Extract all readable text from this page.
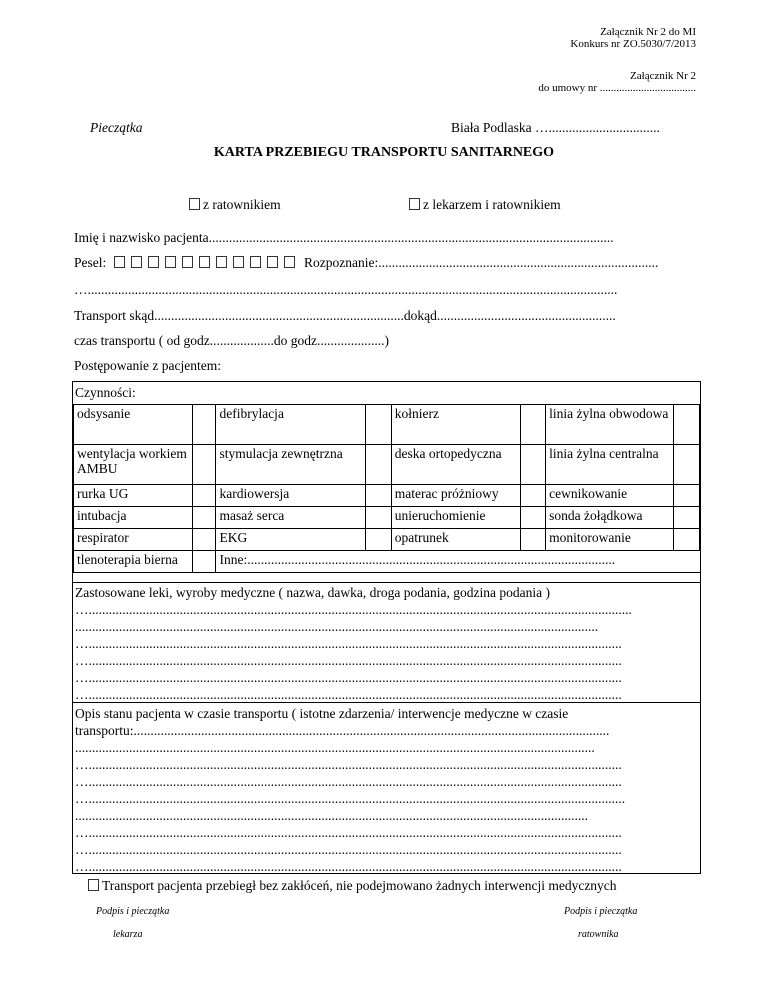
Załącznik Nr 2 do MI
Konkurs nr ZO.5030/7/2013
Załącznik Nr 2
do umowy nr ...................................
Pieczątka	Biała Podlaska ….................................
KARTA PRZEBIEGU TRANSPORTU SANITARNEGO
z ratownikiem	z lekarzem i ratownikiem
Imię i nazwisko pacjenta........................................................................................................................
Pesel:	Rozpoznanie:...................................................................................
….............................................................................................................................................................
Transport skąd..........................................................................dokąd.....................................................
czas transportu ( od godz...................do godz....................)
Postępowanie z pacjentem:
Czynności:
odsysanie		defibrylacja		kołnierz		linia żylna obwodowa	
wentylacja workiem AMBU		stymulacja zewnętrzna		deska ortopedyczna		linia żylna centralna	
rurka UG		kardiowersja		materac próżniowy		cewnikowanie	
intubacja		masaż serca		unieruchomienie		sonda żołądkowa	
respirator		EKG		opatrunek		monitorowanie	
tlenoterapia bierna		Inne:.............................................................................................................					
Zastosowane leki, wyroby medyczne ( nazwa, dawka, droga podania, godzina podania )
….................................................................................................................................................................
...........................................................................................................................................................
…..............................................................................................................................................................
…..............................................................................................................................................................
…..............................................................................................................................................................
…..............................................................................................................................................................
Opis stanu pacjenta w czasie transportu ( istotne zdarzenia/ interwencje medyczne w czasie
transportu:.............................................................................................................................................
..........................................................................................................................................................
…..............................................................................................................................................................
…..............................................................................................................................................................
…...............................................................................................................................................................
........................................................................................................................................................
…..............................................................................................................................................................
…..............................................................................................................................................................
…..............................................................................................................................................................
Transport pacjenta przebiegł bez zakłóceń, nie podejmowano żadnych interwencji medycznych
Podpis i pieczątka
lekarza
Podpis i pieczątka
ratownika
